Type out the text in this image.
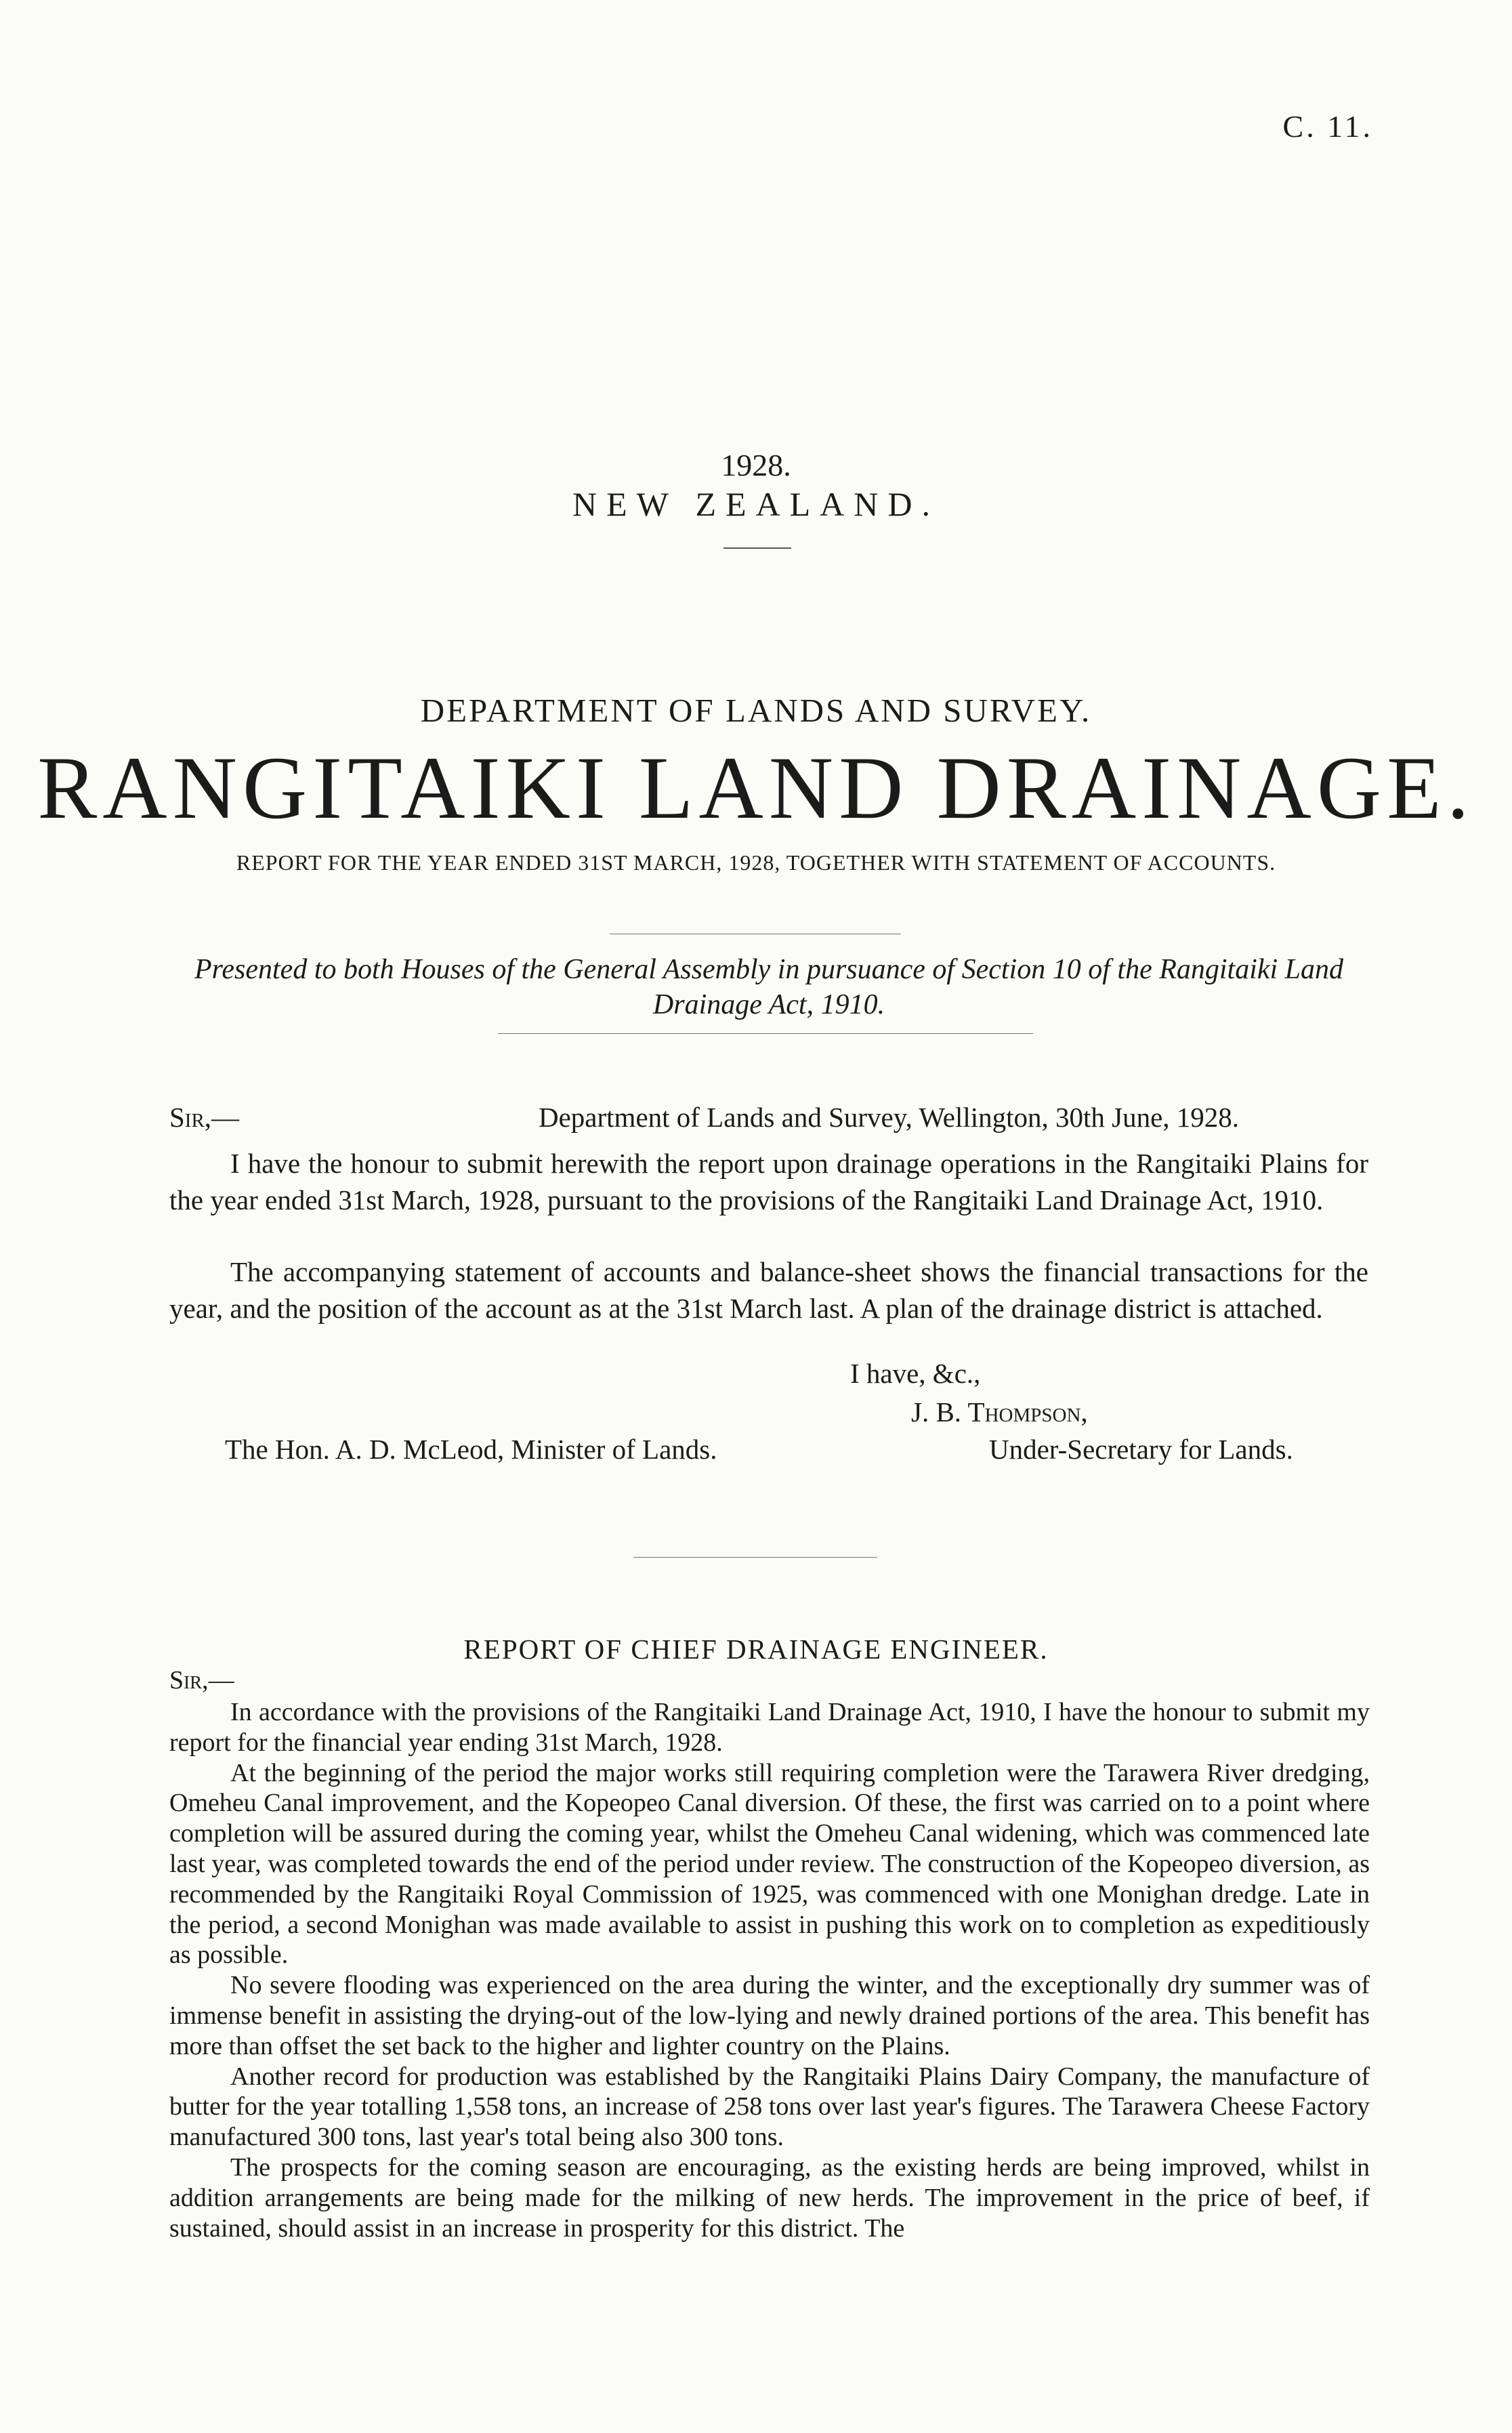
C. 11.
1928.
NEW ZEALAND.
DEPARTMENT OF LANDS AND SURVEY.
RANGITAIKI LAND DRAINAGE.
REPORT FOR THE YEAR ENDED 31ST MARCH, 1928, TOGETHER WITH STATEMENT OF ACCOUNTS.
Presented to both Houses of the General Assembly in pursuance of Section 10 of the Rangitaiki Land Drainage Act, 1910.
Sir,—	Department of Lands and Survey, Wellington, 30th June, 1928.
I have the honour to submit herewith the report upon drainage operations in the Rangitaiki Plains for the year ended 31st March, 1928, pursuant to the provisions of the Rangitaiki Land Drainage Act, 1910.
The accompanying statement of accounts and balance-sheet shows the financial transactions for the year, and the position of the account as at the 31st March last. A plan of the drainage district is attached.
I have, &c.,
J. B. Thompson,
The Hon. A. D. McLeod, Minister of Lands.	Under-Secretary for Lands.
REPORT OF CHIEF DRAINAGE ENGINEER.
Sir,—

In accordance with the provisions of the Rangitaiki Land Drainage Act, 1910, I have the honour to submit my report for the financial year ending 31st March, 1928.

At the beginning of the period the major works still requiring completion were the Tarawera River dredging, Omeheu Canal improvement, and the Kopeopeo Canal diversion. Of these, the first was carried on to a point where completion will be assured during the coming year, whilst the Omeheu Canal widening, which was commenced late last year, was completed towards the end of the period under review. The construction of the Kopeopeo diversion, as recommended by the Rangitaiki Royal Commission of 1925, was commenced with one Monighan dredge. Late in the period, a second Monighan was made available to assist in pushing this work on to completion as expeditiously as possible.

No severe flooding was experienced on the area during the winter, and the exceptionally dry summer was of immense benefit in assisting the drying-out of the low-lying and newly drained portions of the area. This benefit has more than offset the set back to the higher and lighter country on the Plains.

Another record for production was established by the Rangitaiki Plains Dairy Company, the manufacture of butter for the year totalling 1,558 tons, an increase of 258 tons over last year's figures. The Tarawera Cheese Factory manufactured 300 tons, last year's total being also 300 tons.

The prospects for the coming season are encouraging, as the existing herds are being improved, whilst in addition arrangements are being made for the milking of new herds. The improvement in the price of beef, if sustained, should assist in an increase in prosperity for this district. The
